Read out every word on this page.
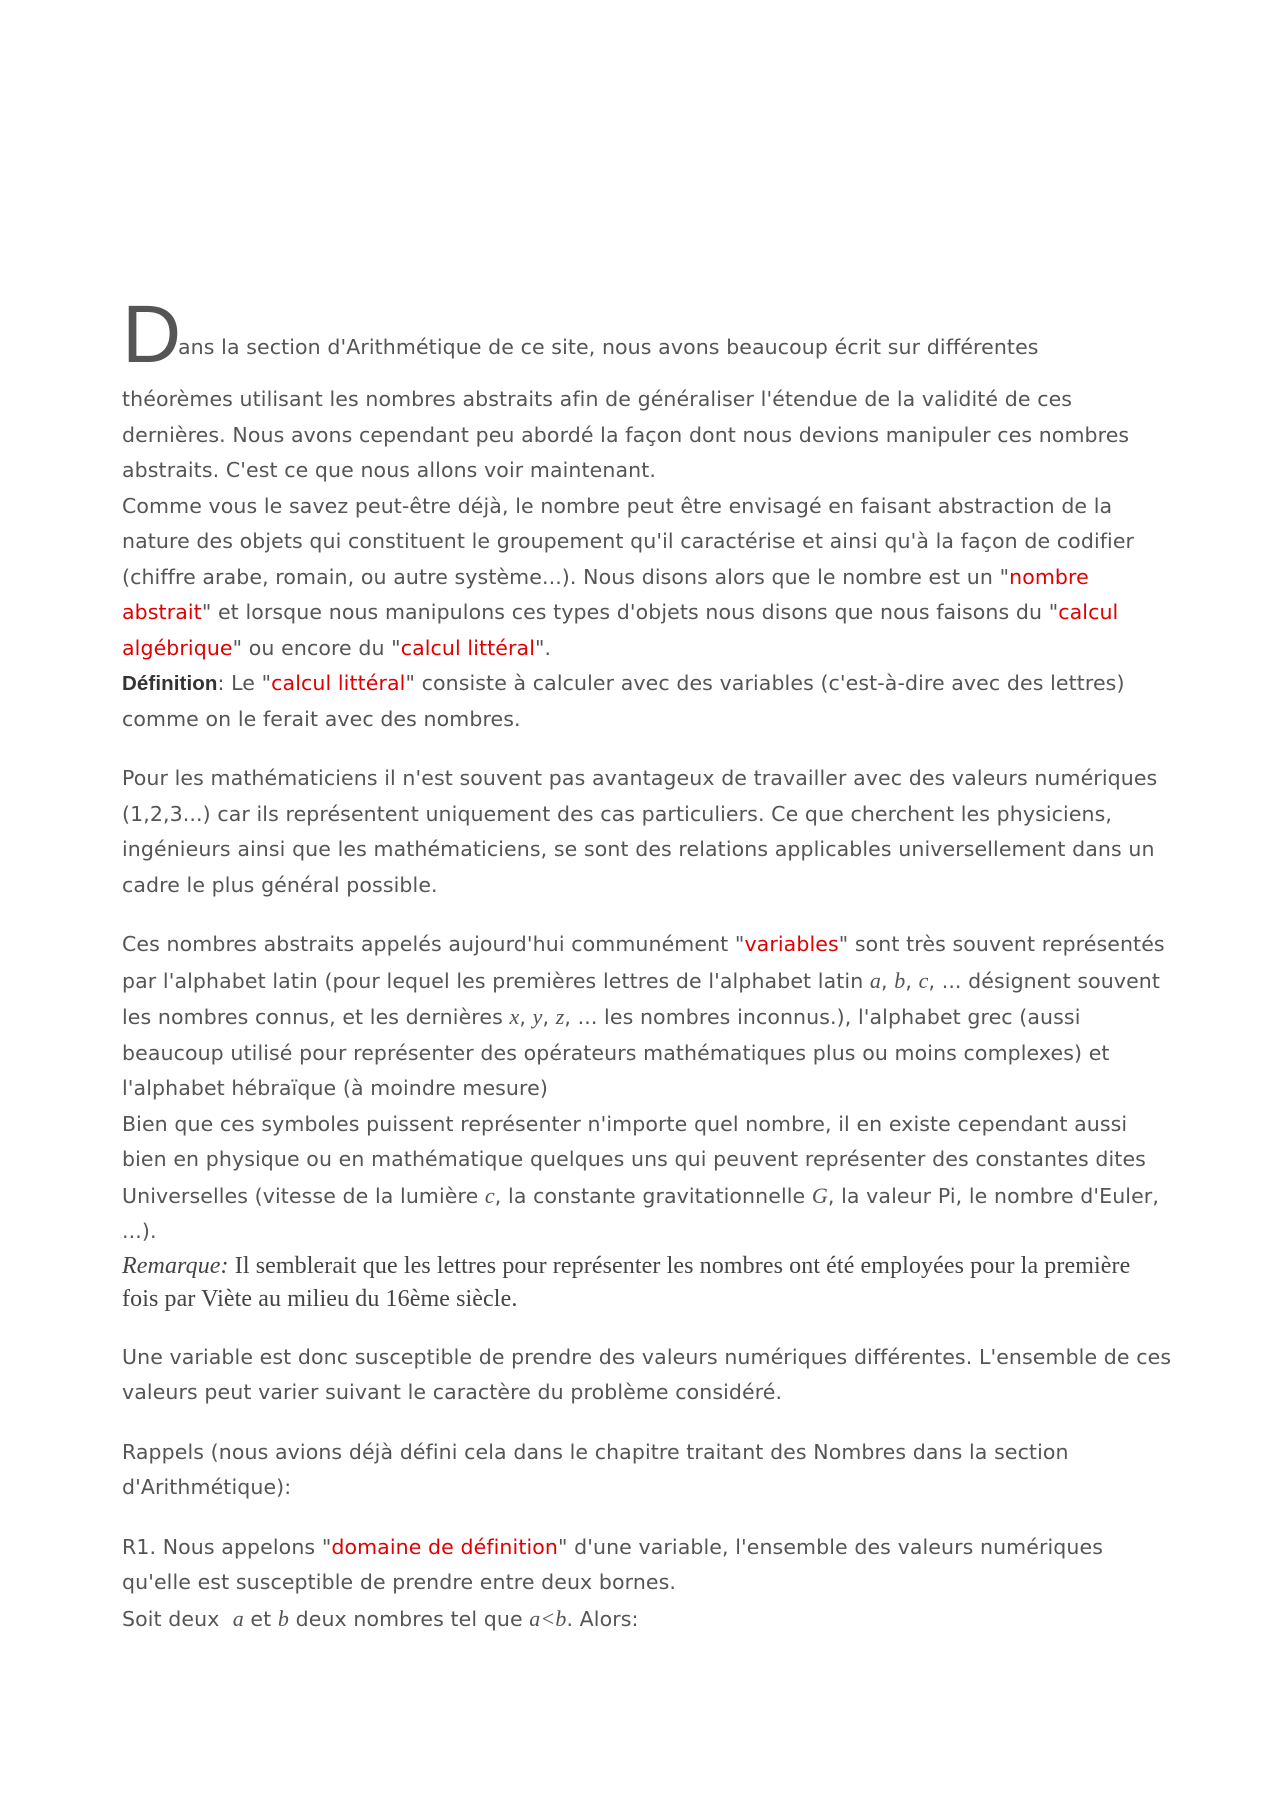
D
ans la section d'Arithmétique de ce site, nous avons beaucoup écrit sur différentes

théorèmes utilisant les nombres abstraits afin de généraliser l'étendue de la validité de ces dernières. Nous avons cependant peu abordé la façon dont nous devions manipuler ces nombres abstraits. C'est ce que nous allons voir maintenant.

Comme vous le savez peut-être déjà, le nombre peut être envisagé en faisant abstraction de la nature des objets qui constituent le groupement qu'il caractérise et ainsi qu'à la façon de codifier (chiffre arabe, romain, ou autre système...). Nous disons alors que le nombre est un "nombre abstrait" et lorsque nous manipulons ces types d'objets nous disons que nous faisons du "calcul algébrique" ou encore du "calcul littéral".

Définition: Le "calcul littéral" consiste à calculer avec des variables (c'est-à-dire avec des lettres) comme on le ferait avec des nombres.

Pour les mathématiciens il n'est souvent pas avantageux de travailler avec des valeurs numériques (1,2,3...) car ils représentent uniquement des cas particuliers. Ce que cherchent les physiciens, ingénieurs ainsi que les mathématiciens, se sont des relations applicables universellement dans un cadre le plus général possible.

Ces nombres abstraits appelés aujourd'hui communément "variables" sont très souvent représentés par l'alphabet latin (pour lequel les premières lettres de l'alphabet latin a, b, c, ... désignent souvent les nombres connus, et les dernières x, y, z, ... les nombres inconnus.), l'alphabet grec (aussi beaucoup utilisé pour représenter des opérateurs mathématiques plus ou moins complexes) et l'alphabet hébraïque (à moindre mesure)

Bien que ces symboles puissent représenter n'importe quel nombre, il en existe cependant aussi bien en physique ou en mathématique quelques uns qui peuvent représenter des constantes dites Universelles (vitesse de la lumière c, la constante gravitationnelle G, la valeur Pi, le nombre d'Euler, ...).

Remarque: Il semblerait que les lettres pour représenter les nombres ont été employées pour la première fois par Viète au milieu du 16ème siècle.

Une variable est donc susceptible de prendre des valeurs numériques différentes. L'ensemble de ces valeurs peut varier suivant le caractère du problème considéré.

Rappels (nous avions déjà défini cela dans le chapitre traitant des Nombres dans la section d'Arithmétique):

R1. Nous appelons "domaine de définition" d'une variable, l'ensemble des valeurs numériques qu'elle est susceptible de prendre entre deux bornes.

Soit deux  a et b deux nombres tel que a<b. Alors:
